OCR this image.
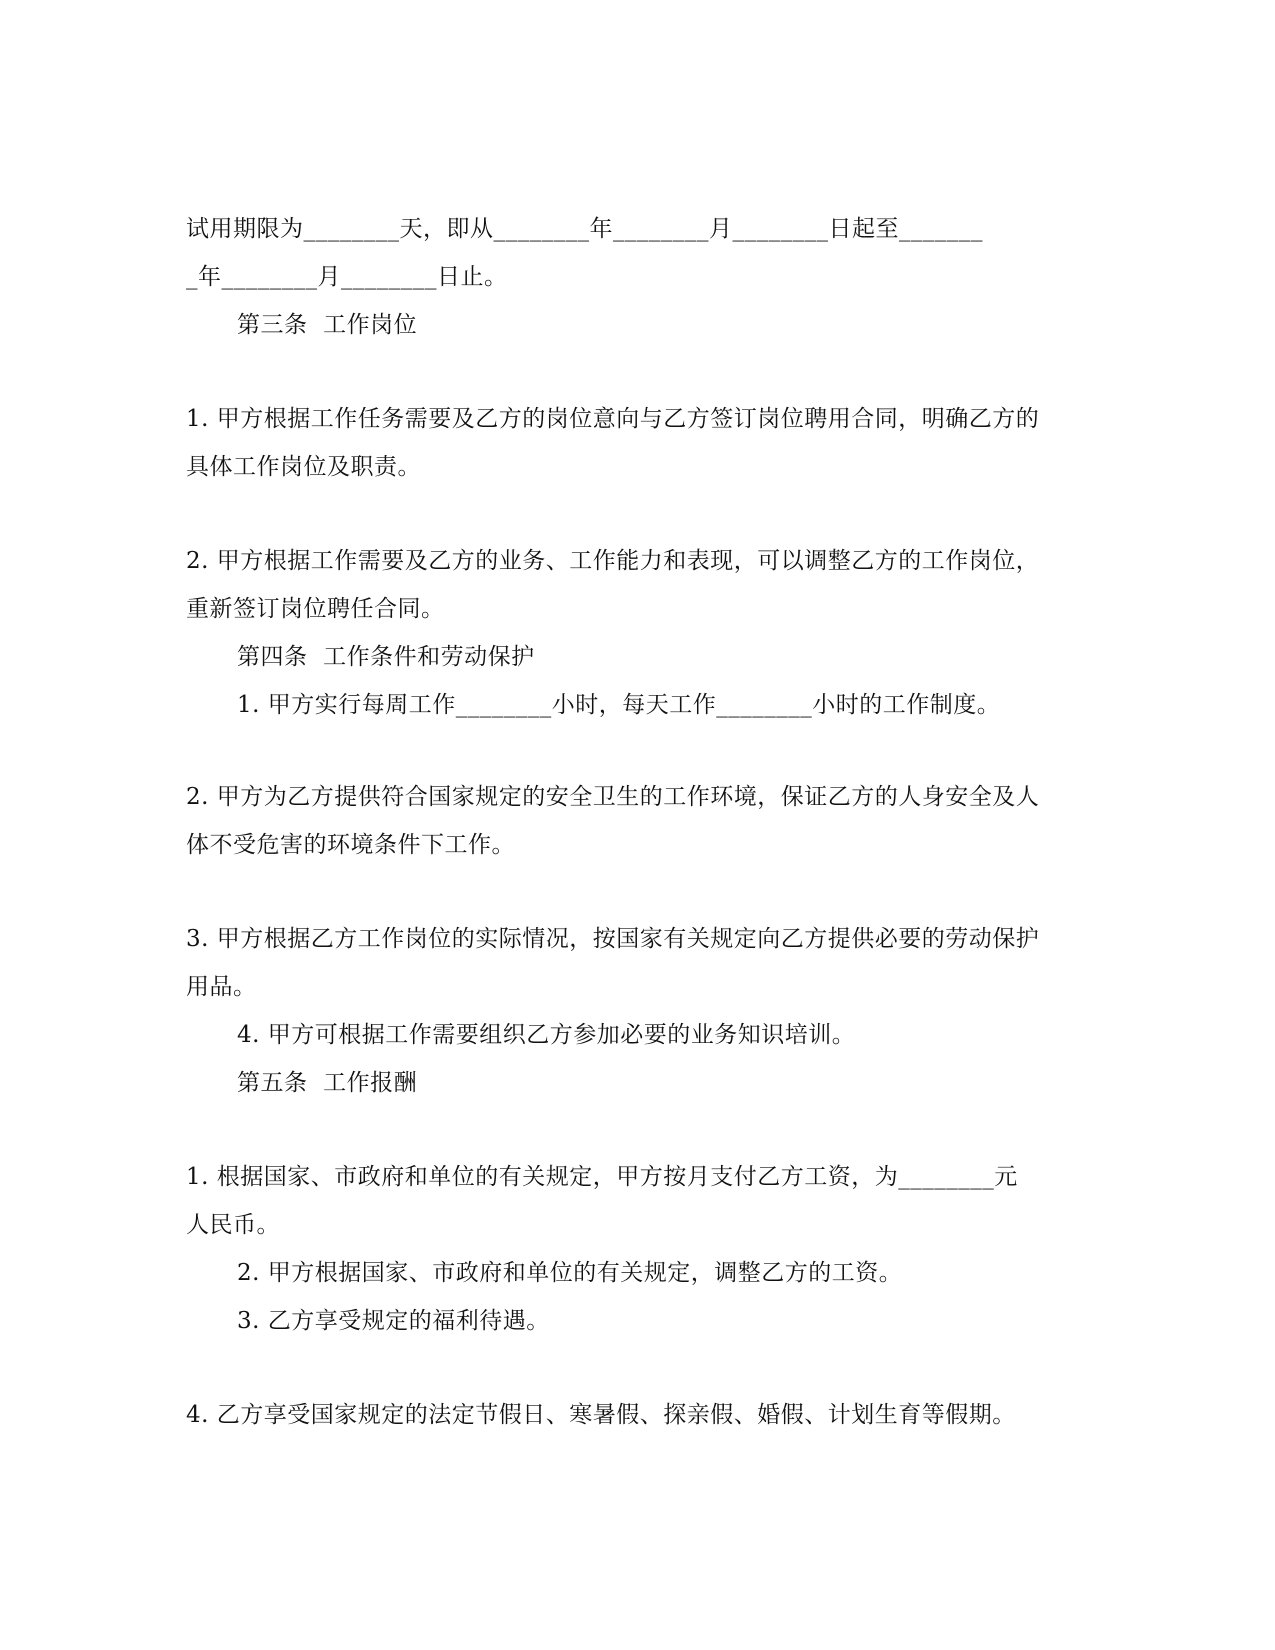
试用期限为________天，即从________年________月________日起至_______
_年________月________日止。
第三条  工作岗位
1. 甲方根据工作任务需要及乙方的岗位意向与乙方签订岗位聘用合同，明确乙方的
具体工作岗位及职责。
2. 甲方根据工作需要及乙方的业务、工作能力和表现，可以调整乙方的工作岗位，
重新签订岗位聘任合同。
第四条  工作条件和劳动保护
1. 甲方实行每周工作________小时，每天工作________小时的工作制度。
2. 甲方为乙方提供符合国家规定的安全卫生的工作环境，保证乙方的人身安全及人
体不受危害的环境条件下工作。
3. 甲方根据乙方工作岗位的实际情况，按国家有关规定向乙方提供必要的劳动保护
用品。
4. 甲方可根据工作需要组织乙方参加必要的业务知识培训。
第五条  工作报酬
1. 根据国家、市政府和单位的有关规定，甲方按月支付乙方工资，为________元
人民币。
2. 甲方根据国家、市政府和单位的有关规定，调整乙方的工资。
3. 乙方享受规定的福利待遇。
4. 乙方享受国家规定的法定节假日、寒暑假、探亲假、婚假、计划生育等假期。
